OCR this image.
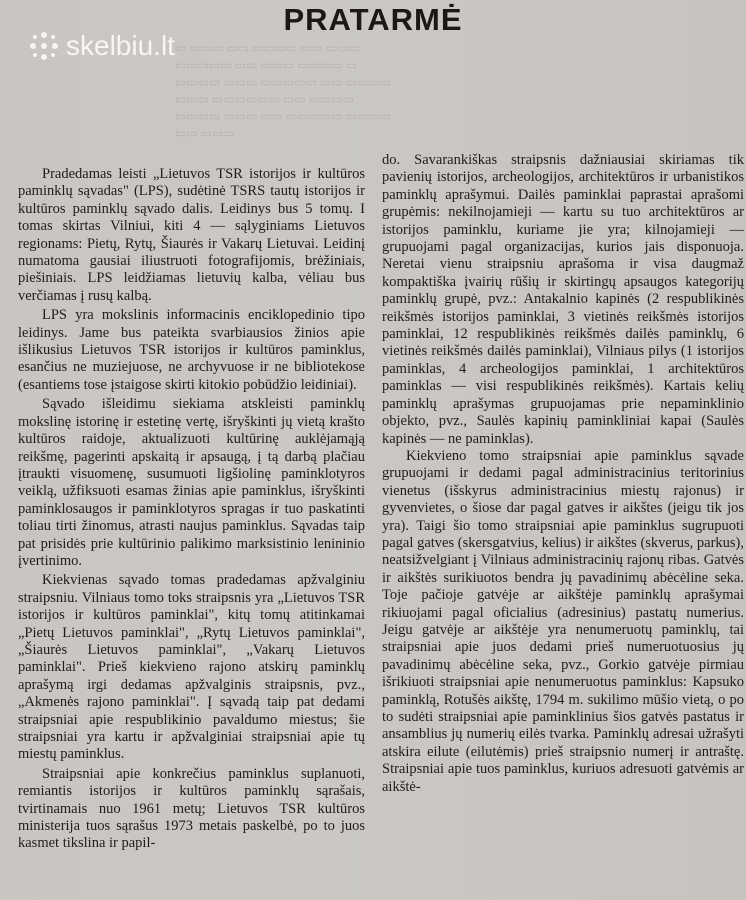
▭ ▭▭▭ ▭▭ ▭▭▭▭ ▭▭ ▭▭▭ ▭▭▭▭▭ ▭▭ ▭▭▭ ▭▭▭▭ ▭ ▭▭▭▭ ▭▭▭ ▭▭▭▭▭ ▭▭ ▭▭▭▭ ▭▭▭ ▭▭▭▭▭▭ ▭▭ ▭▭▭▭ ▭▭▭▭ ▭▭▭ ▭▭ ▭▭▭▭▭ ▭▭▭▭ ▭▭ ▭▭▭
PRATARMĖ
skelbiu.lt

Pradedamas leisti „Lietuvos TSR istorijos ir kultūros paminklų sąvadas" (LPS), sudėtinė TSRS tautų istorijos ir kultūros paminklų sąvado dalis. Leidinys bus 5 tomų. I tomas skirtas Vilniui, kiti 4 — sąlyginiams Lietuvos regionams: Pietų, Rytų, Šiaurės ir Vakarų Lietuvai. Leidinį numatoma gausiai iliustruoti fotografijomis, brėžiniais, piešiniais. LPS leidžiamas lietuvių kalba, vėliau bus verčiamas į rusų kalbą.

LPS yra mokslinis informacinis enciklopedinio tipo leidinys. Jame bus pateikta svarbiausios žinios apie išlikusius Lietuvos TSR istorijos ir kultūros paminklus, esančius ne muziejuose, ne archyvuose ir ne bibliotekose (esantiems tose įstaigose skirti kitokio pobūdžio leidiniai).

Sąvado išleidimu siekiama atskleisti paminklų mokslinę istorinę ir estetinę vertę, išryškinti jų vietą krašto kultūros raidoje, aktualizuoti kultūrinę auklėjamąją reikšmę, pagerinti apskaitą ir apsaugą, į tą darbą plačiau įtraukti visuomenę, susumuoti ligšiolinę paminklotyros veiklą, užfiksuoti esamas žinias apie paminklus, išryškinti paminklosaugos ir paminklotyros spragas ir tuo paskatinti toliau tirti žinomus, atrasti naujus paminklus. Sąvadas taip pat prisidės prie kultūrinio palikimo marksistinio lenininio įvertinimo.

Kiekvienas sąvado tomas pradedamas apžvalginiu straipsniu. Vilniaus tomo toks straipsnis yra „Lietuvos TSR istorijos ir kultūros paminklai", kitų tomų atitinkamai „Pietų Lietuvos paminklai", „Rytų Lietuvos paminklai", „Šiaurės Lietuvos paminklai", „Vakarų Lietuvos paminklai". Prieš kiekvieno rajono atskirų paminklų aprašymą irgi dedamas apžvalginis straipsnis, pvz., „Akmenės rajono paminklai". Į sąvadą taip pat dedami straipsniai apie respublikinio pavaldumo miestus; šie straipsniai yra kartu ir apžvalginiai straipsniai apie tų miestų paminklus.

Straipsniai apie konkrečius paminklus suplanuoti, remiantis istorijos ir kultūros paminklų sąrašais, tvirtinamais nuo 1961 metų; Lietuvos TSR kultūros ministerija tuos sąrašus 1973 metais paskelbė, po to juos kasmet tikslina ir papil-

do. Savarankiškas straipsnis dažniausiai skiriamas tik pavienių istorijos, archeologijos, architektūros ir urbanistikos paminklų aprašymui. Dailės paminklai paprastai aprašomi grupėmis: nekilnojamieji — kartu su tuo architektūros ar istorijos paminklu, kuriame jie yra; kilnojamieji — grupuojami pagal organizacijas, kurios jais disponuoja. Neretai vienu straipsniu aprašoma ir visa daugmaž kompaktiška įvairių rūšių ir skirtingų apsaugos kategorijų paminklų grupė, pvz.: Antakalnio kapinės (2 respublikinės reikšmės istorijos paminklai, 3 vietinės reikšmės istorijos paminklai, 12 respublikinės reikšmės dailės paminklų, 6 vietinės reikšmės dailės paminklai), Vilniaus pilys (1 istorijos paminklas, 4 archeologijos paminklai, 1 architektūros paminklas — visi respublikinės reikšmės). Kartais kelių paminklų aprašymas grupuojamas prie nepaminklinio objekto, pvz., Saulės kapinių paminkliniai kapai (Saulės kapinės — ne paminklas).

Kiekvieno tomo straipsniai apie paminklus sąvade grupuojami ir dedami pagal administracinius teritorinius vienetus (išskyrus administracinius miestų rajonus) ir gyvenvietes, o šiose dar pagal gatves ir aikštes (jeigu tik jos yra). Taigi šio tomo straipsniai apie paminklus sugrupuoti pagal gatves (skersgatvius, kelius) ir aikštes (skverus, parkus), neatsižvelgiant į Vilniaus administracinių rajonų ribas. Gatvės ir aikštės surikiuotos bendra jų pavadinimų abėcėline seka. Toje pačioje gatvėje ar aikštėje paminklų aprašymai rikiuojami pagal oficialius (adresinius) pastatų numerius. Jeigu gatvėje ar aikštėje yra nenumeruotų paminklų, tai straipsniai apie juos dedami prieš numeruotuosius jų pavadinimų abėcėline seka, pvz., Gorkio gatvėje pirmiau išrikiuoti straipsniai apie nenumeruotus paminklus: Kapsuko paminklą, Rotušės aikštę, 1794 m. sukilimo mūšio vietą, o po to sudėti straipsniai apie paminklinius šios gatvės pastatus ir ansamblius jų numerių eilės tvarka. Paminklų adresai užrašyti atskira eilute (eilutėmis) prieš straipsnio numerį ir antraštę. Straipsniai apie tuos paminklus, kuriuos adresuoti gatvėmis ar aikštė-
